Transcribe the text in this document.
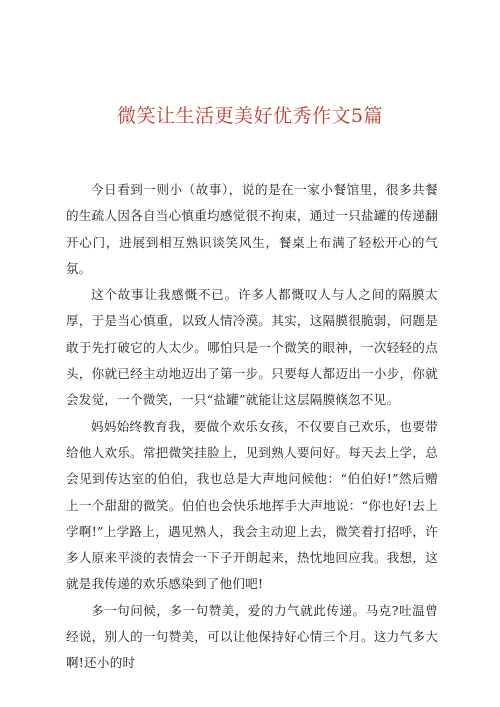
微笑让生活更美好优秀作文5篇

今日看到一则小（故事），说的是在一家小餐馆里，很多共餐的生疏人因各自当心慎重均感觉很不拘束，通过一只盐罐的传递翻开心门，进展到相互熟识谈笑风生，餐桌上布满了轻松开心的气氛。

这个故事让我感慨不已。许多人都慨叹人与人之间的隔膜太厚，于是当心慎重，以致人情冷漠。其实，这隔膜很脆弱，问题是敢于先打破它的人太少。哪怕只是一个微笑的眼神，一次轻轻的点头，你就已经主动地迈出了第一步。只要每人都迈出一小步，你就会发觉，一个微笑，一只“盐罐”就能让这层隔膜倏忽不见。

妈妈始终教育我，要做个欢乐女孩，不仅要自己欢乐，也要带给他人欢乐。常把微笑挂脸上，见到熟人要问好。每天去上学，总会见到传达室的伯伯，我也总是大声地问候他：“伯伯好!”然后赠上一个甜甜的微笑。伯伯也会快乐地挥手大声地说：“你也好!去上学啊!”上学路上，遇见熟人，我会主动迎上去，微笑着打招呼，许多人原来平淡的表情会一下子开朗起来，热忱地回应我。我想，这就是我传递的欢乐感染到了他们吧!

多一句问候，多一句赞美，爱的力气就此传递。马克?吐温曾经说，别人的一句赞美，可以让他保持好心情三个月。这力气多大啊!还小的时
